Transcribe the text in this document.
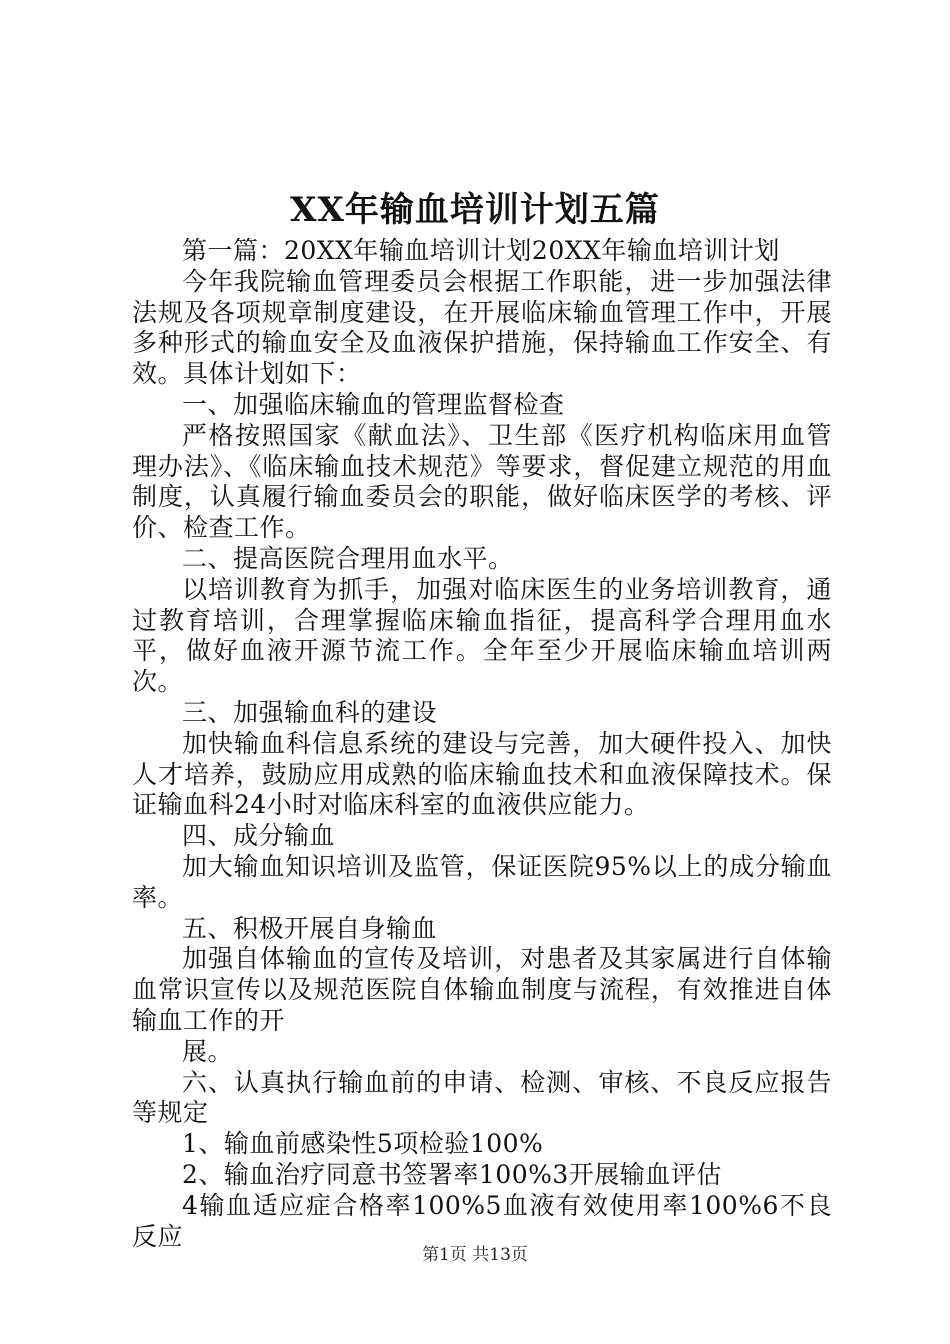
XX年输血培训计划五篇

第一篇：20XX年输血培训计划20XX年输血培训计划

今年我院输血管理委员会根据工作职能，进一步加强法律法规及各项规章制度建设，在开展临床输血管理工作中，开展多种形式的输血安全及血液保护措施，保持输血工作安全、有效。具体计划如下：

一、加强临床输血的管理监督检查

严格按照国家《献血法》、卫生部《医疗机构临床用血管理办法》、《临床输血技术规范》等要求，督促建立规范的用血制度，认真履行输血委员会的职能，做好临床医学的考核、评价、检查工作。

二、提高医院合理用血水平。

以培训教育为抓手，加强对临床医生的业务培训教育，通过教育培训，合理掌握临床输血指征，提高科学合理用血水平，做好血液开源节流工作。全年至少开展临床输血培训两次。

三、加强输血科的建设

加快输血科信息系统的建设与完善，加大硬件投入、加快人才培养，鼓励应用成熟的临床输血技术和血液保障技术。保证输血科24小时对临床科室的血液供应能力。

四、成分输血

加大输血知识培训及监管，保证医院95%以上的成分输血率。

五、积极开展自身输血

加强自体输血的宣传及培训，对患者及其家属进行自体输血常识宣传以及规范医院自体输血制度与流程，有效推进自体输血工作的开

展。

六、认真执行输血前的申请、检测、审核、不良反应报告等规定

1、输血前感染性5项检验100%

2、输血治疗同意书签署率100%3开展输血评估

4输血适应症合格率100%5血液有效使用率100%6不良反应

第1页 共13页
